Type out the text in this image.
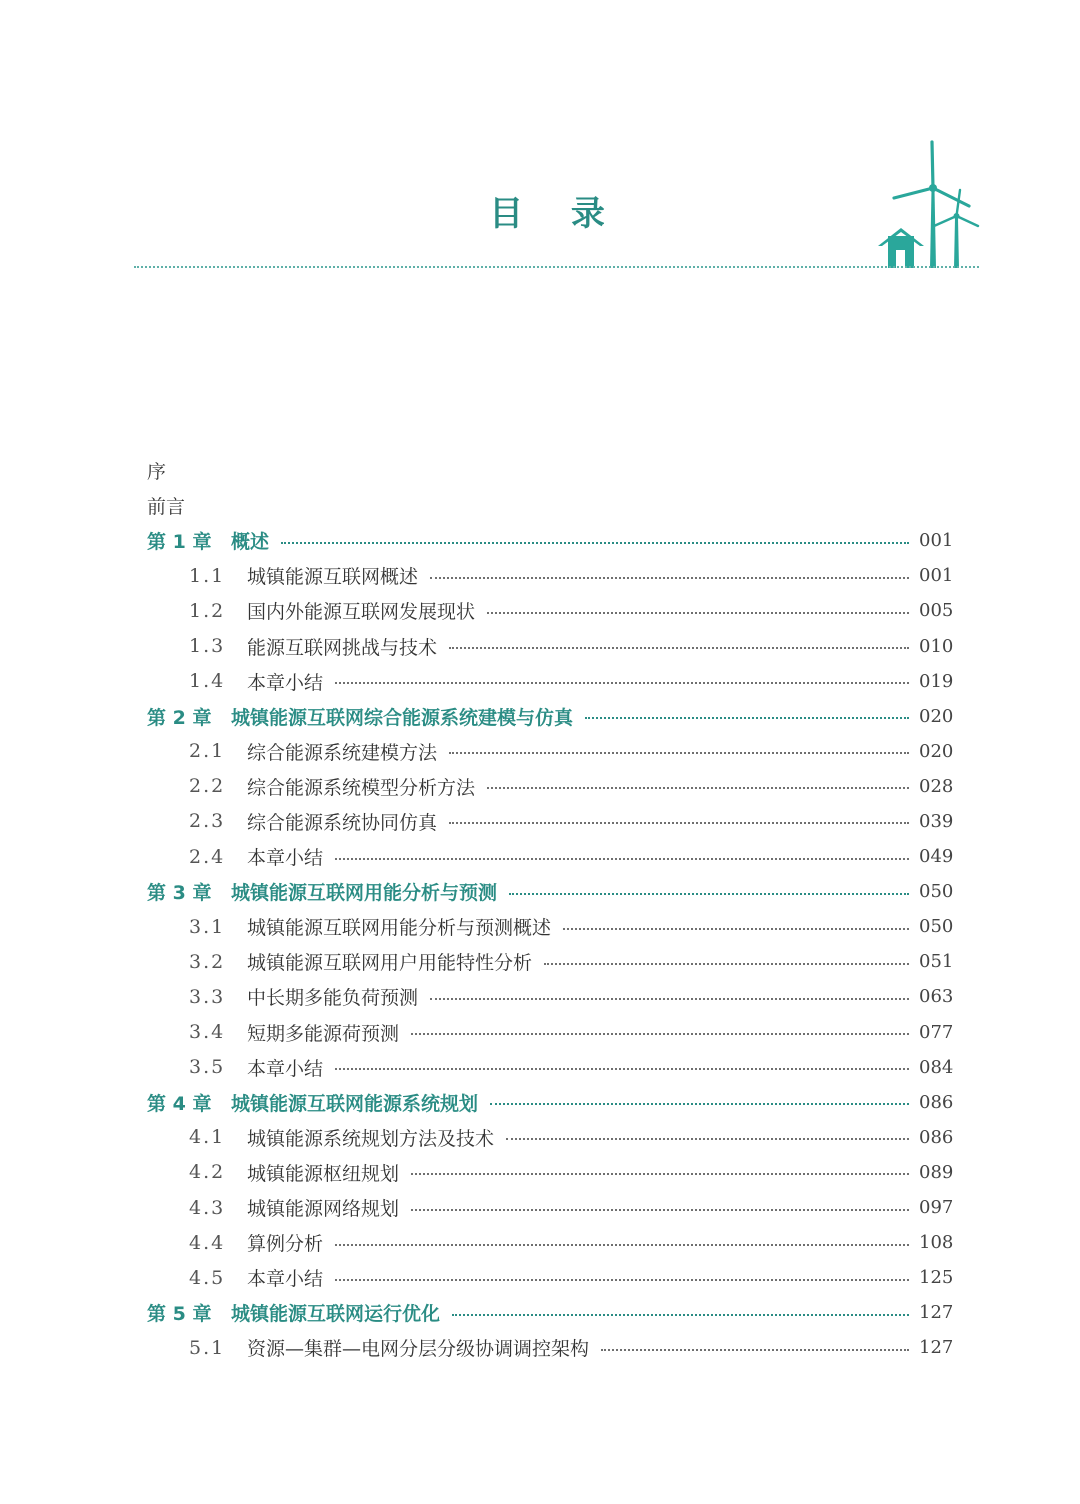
目 录
序
前言
第 1 章	概述	001
1.1	城镇能源互联网概述	001
1.2	国内外能源互联网发展现状	005
1.3	能源互联网挑战与技术	010
1.4	本章小结	019
第 2 章	城镇能源互联网综合能源系统建模与仿真	020
2.1	综合能源系统建模方法	020
2.2	综合能源系统模型分析方法	028
2.3	综合能源系统协同仿真	039
2.4	本章小结	049
第 3 章	城镇能源互联网用能分析与预测	050
3.1	城镇能源互联网用能分析与预测概述	050
3.2	城镇能源互联网用户用能特性分析	051
3.3	中长期多能负荷预测	063
3.4	短期多能源荷预测	077
3.5	本章小结	084
第 4 章	城镇能源互联网能源系统规划	086
4.1	城镇能源系统规划方法及技术	086
4.2	城镇能源枢纽规划	089
4.3	城镇能源网络规划	097
4.4	算例分析	108
4.5	本章小结	125
第 5 章	城镇能源互联网运行优化	127
5.1	资源—集群—电网分层分级协调调控架构	127
